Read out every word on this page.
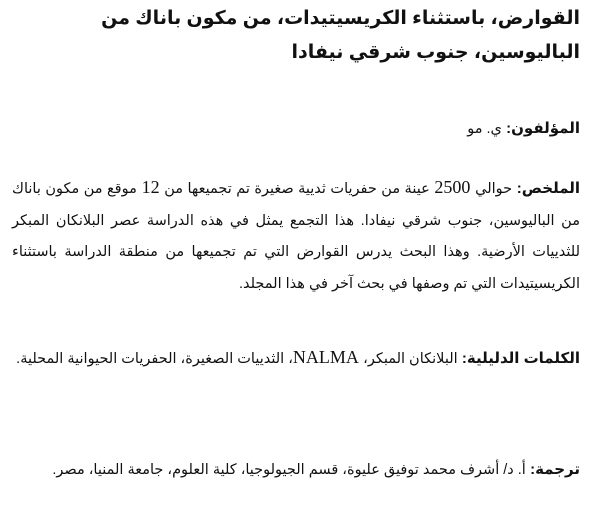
القوارض، باستثناء الكريسيتيدات، من مكون باناك من الباليوسين، جنوب شرقي نيفادا

المؤلفون: ي. مو

الملخص: حوالي 2500 عينة من حفريات ثديية صغيرة تم تجميعها من 12 موقع من مكون باناك من الباليوسين، جنوب شرقي نيفادا. هذا التجمع يمثل في هذه الدراسة عصر البلانكان المبكر للثدييات الأرضية. وهذا البحث يدرس القوارض التي تم تجميعها من منطقة الدراسة باستثناء الكريسيتيدات التي تم وصفها في بحث آخر في هذا المجلد.

الكلمات الدليلية: البلانكان المبكر، NALMA، الثدييات الصغيرة، الحفريات الحيوانية المحلية.

ترجمة: أ. د/ أشرف محمد توفيق عليوة، قسم الجيولوجيا، كلية العلوم، جامعة المنيا، مصر.
